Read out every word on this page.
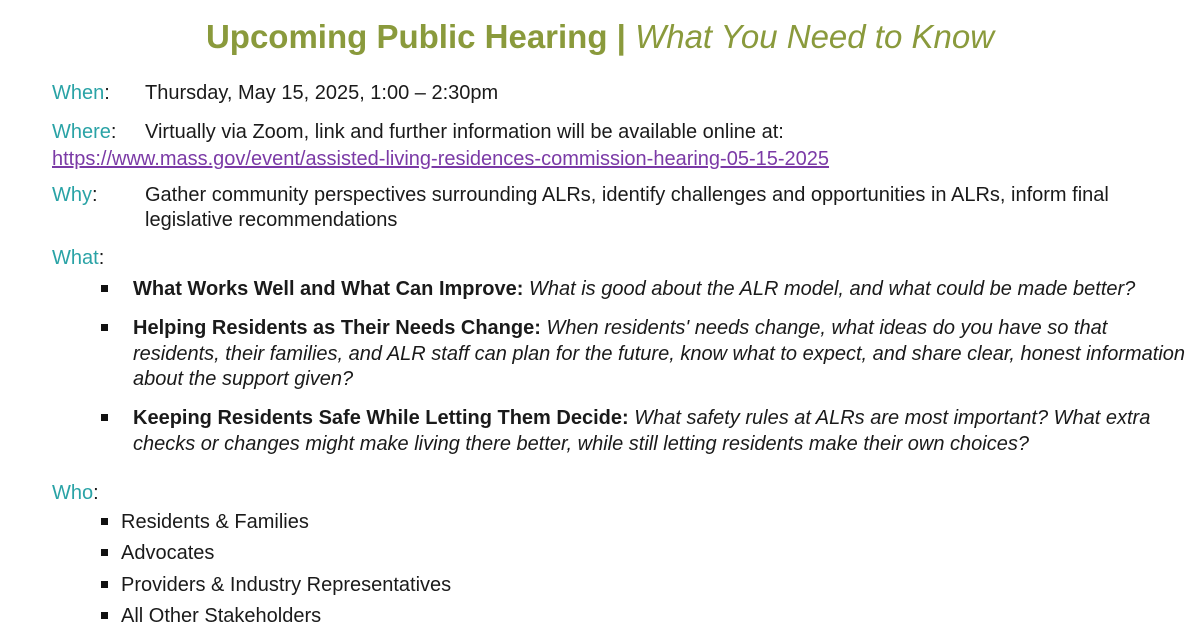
Upcoming Public Hearing | What You Need to Know
When: Thursday, May 15, 2025, 1:00 – 2:30pm
Where: Virtually via Zoom, link and further information will be available online at:
https://www.mass.gov/event/assisted-living-residences-commission-hearing-05-15-2025
Why: Gather community perspectives surrounding ALRs, identify challenges and opportunities in ALRs, inform final
legislative recommendations
What:
What Works Well and What Can Improve: What is good about the ALR model, and what could be made better?
Helping Residents as Their Needs Change: When residents' needs change, what ideas do you have so that residents, their families, and ALR staff can plan for the future, know what to expect, and share clear, honest information about the support given?
Keeping Residents Safe While Letting Them Decide: What safety rules at ALRs are most important? What extra checks or changes might make living there better, while still letting residents make their own choices?
Who:
Residents & Families
Advocates
Providers & Industry Representatives
All Other Stakeholders
